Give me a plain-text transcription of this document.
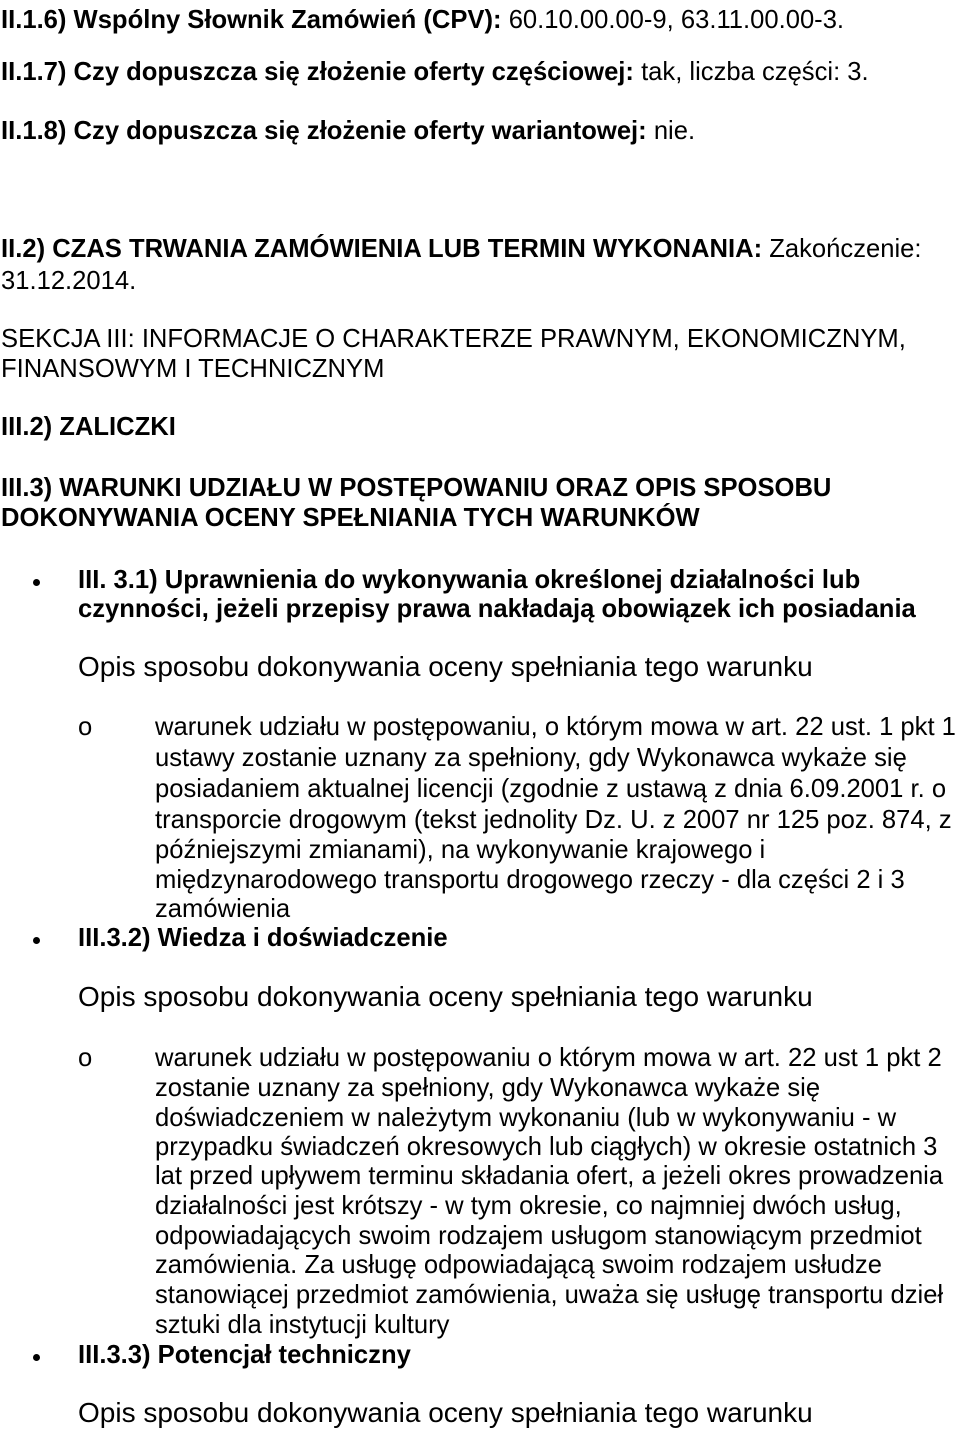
II.1.6) Wspólny Słownik Zamówień (CPV): 60.10.00.00-9, 63.11.00.00-3.
II.1.7) Czy dopuszcza się złożenie oferty częściowej: tak, liczba części: 3.
II.1.8) Czy dopuszcza się złożenie oferty wariantowej: nie.
II.2) CZAS TRWANIA ZAMÓWIENIA LUB TERMIN WYKONANIA: Zakończenie:
31.12.2014.
SEKCJA III: INFORMACJE O CHARAKTERZE PRAWNYM, EKONOMICZNYM,
FINANSOWYM I TECHNICZNYM
III.2) ZALICZKI
III.3) WARUNKI UDZIAŁU W POSTĘPOWANIU ORAZ OPIS SPOSOBU
DOKONYWANIA OCENY SPEŁNIANIA TYCH WARUNKÓW
III. 3.1) Uprawnienia do wykonywania określonej działalności lub
czynności, jeżeli przepisy prawa nakładają obowiązek ich posiadania
Opis sposobu dokonywania oceny spełniania tego warunku
o warunek udziału w postępowaniu, o którym mowa w art. 22 ust. 1 pkt 1
ustawy zostanie uznany za spełniony, gdy Wykonawca wykaże się
posiadaniem aktualnej licencji (zgodnie z ustawą z dnia 6.09.2001 r. o
transporcie drogowym (tekst jednolity Dz. U. z 2007 nr 125 poz. 874, z
późniejszymi zmianami), na wykonywanie krajowego i
międzynarodowego transportu drogowego rzeczy - dla części 2 i 3
zamówienia
III.3.2) Wiedza i doświadczenie
Opis sposobu dokonywania oceny spełniania tego warunku
o warunek udziału w postępowaniu o którym mowa w art. 22 ust 1 pkt 2
zostanie uznany za spełniony, gdy Wykonawca wykaże się
doświadczeniem w należytym wykonaniu (lub w wykonywaniu - w
przypadku świadczeń okresowych lub ciągłych) w okresie ostatnich 3
lat przed upływem terminu składania ofert, a jeżeli okres prowadzenia
działalności jest krótszy - w tym okresie, co najmniej dwóch usług,
odpowiadających swoim rodzajem usługom stanowiącym przedmiot
zamówienia. Za usługę odpowiadającą swoim rodzajem usłudze
stanowiącej przedmiot zamówienia, uważa się usługę transportu dzieł
sztuki dla instytucji kultury
III.3.3) Potencjał techniczny
Opis sposobu dokonywania oceny spełniania tego warunku
